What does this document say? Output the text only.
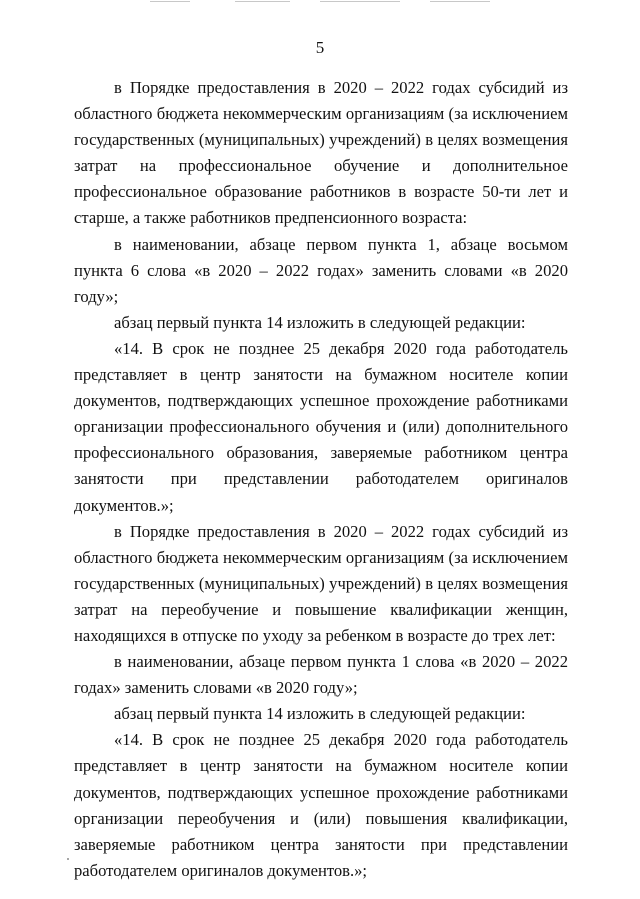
5

в Порядке предоставления в 2020 – 2022 годах субсидий из областного бюджета некоммерческим организациям (за исключением государственных (муниципальных) учреждений) в целях возмещения затрат на профессиональное обучение и дополнительное профессиональное образование работников в возрасте 50-ти лет и старше, а также работников предпенсионного возраста:

в наименовании, абзаце первом пункта 1, абзаце восьмом пункта 6 слова «в 2020 – 2022 годах» заменить словами «в 2020 году»;

абзац первый пункта 14 изложить в следующей редакции:

«14. В срок не позднее 25 декабря 2020 года работодатель представляет в центр занятости на бумажном носителе копии документов, подтверждающих успешное прохождение работниками организации профессионального обучения и (или) дополнительного профессионального образования, заверяемые работником центра занятости при представлении работодателем оригиналов документов.»;

в Порядке предоставления в 2020 – 2022 годах субсидий из областного бюджета некоммерческим организациям (за исключением государственных (муниципальных) учреждений) в целях возмещения затрат на переобучение и повышение квалификации женщин, находящихся в отпуске по уходу за ребенком в возрасте до трех лет:

в наименовании, абзаце первом пункта 1 слова «в 2020 – 2022 годах» заменить словами «в 2020 году»;

абзац первый пункта 14 изложить в следующей редакции:

«14. В срок не позднее 25 декабря 2020 года работодатель представляет в центр занятости на бумажном носителе копии документов, подтверждающих успешное прохождение работниками организации переобучения и (или) повышения квалификации, заверяемые работником центра занятости при представлении работодателем оригиналов документов.»;
